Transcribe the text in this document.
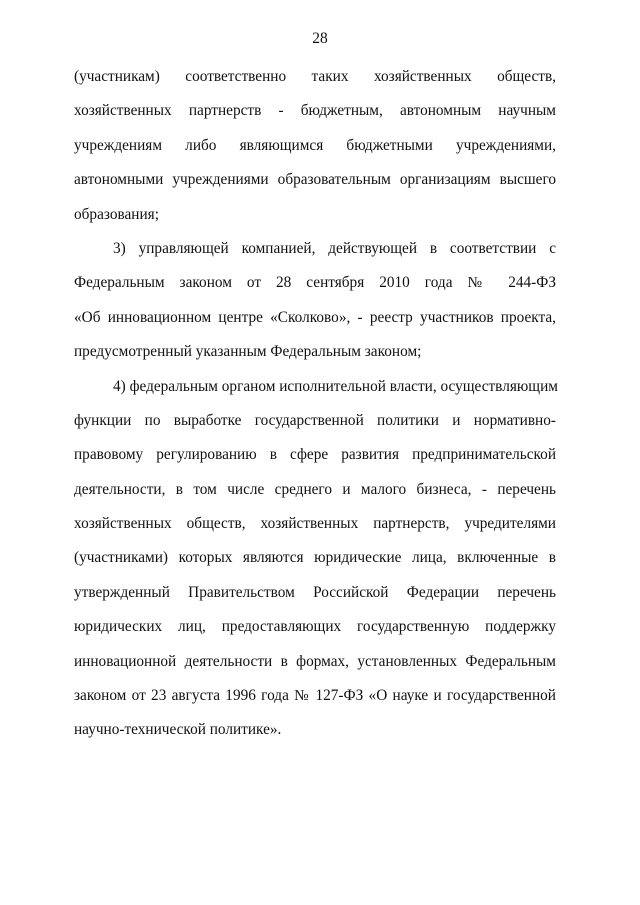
28
(участникам) соответственно таких хозяйственных обществ,
хозяйственных партнерств - бюджетным, автономным научным
учреждениям либо являющимся бюджетными учреждениями,
автономными учреждениями образовательным организациям высшего
образования;
3) управляющей компанией, действующей в соответствии с
Федеральным законом от 28 сентября 2010 года № 244-ФЗ
«Об инновационном центре «Сколково», - реестр участников проекта,
предусмотренный указанным Федеральным законом;
4) федеральным органом исполнительной власти, осуществляющим
функции по выработке государственной политики и нормативно-
правовому регулированию в сфере развития предпринимательской
деятельности, в том числе среднего и малого бизнеса, - перечень
хозяйственных обществ, хозяйственных партнерств, учредителями
(участниками) которых являются юридические лица, включенные в
утвержденный Правительством Российской Федерации перечень
юридических лиц, предоставляющих государственную поддержку
инновационной деятельности в формах, установленных Федеральным
законом от 23 августа 1996 года № 127-ФЗ «О науке и государственной
научно-технической политике».
